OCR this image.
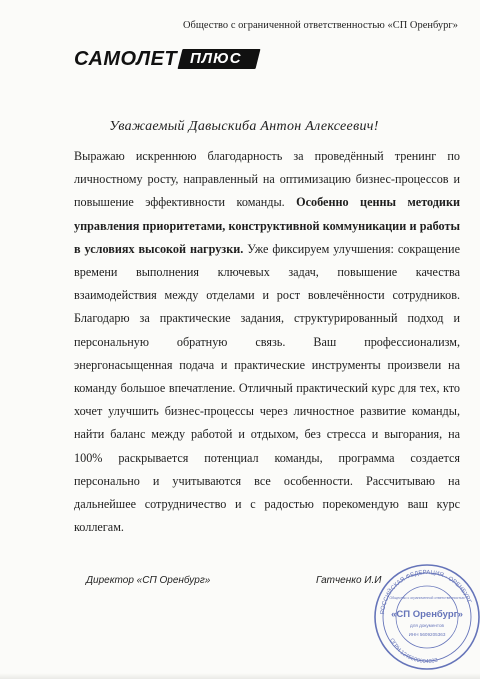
Общество с ограниченной ответственностью «СП Оренбург»
САМОЛЕТ ПЛЮС
Уважаемый Давыскиба Антон Алексеевич!
Выражаю искреннюю благодарность за проведённый тренинг по личностному росту, направленный на оптимизацию бизнес-процессов и повышение эффективности команды. Особенно ценны методики управления приоритетами, конструктивной коммуникации и работы в условиях высокой нагрузки. Уже фиксируем улучшения: сокращение времени выполнения ключевых задач, повышение качества взаимодействия между отделами и рост вовлечённости сотрудников. Благодарю за практические задания, структурированный подход и персональную обратную связь. Ваш профессионализм, энергонасыщенная подача и практические инструменты произвели на команду большое впечатление. Отличный практический курс для тех, кто хочет улучшить бизнес-процессы через личностное развитие команды, найти баланс между работой и отдыхом, без стресса и выгорания, на 100% раскрывается потенциал команды, программа создается персонально и учитываются все особенности. Рассчитываю на дальнейшее сотрудничество и с радостью порекомендую ваш курс коллегам.
Директор «СП Оренбург»	Гатченко И.И
РОССИЙСКАЯ ФЕДЕРАЦИЯ · ОРЕНБУРГ
ОГРН 1245600004803
Общество с ограниченной ответственностью
«СП Оренбург»
для документов
ИНН 5609205363
